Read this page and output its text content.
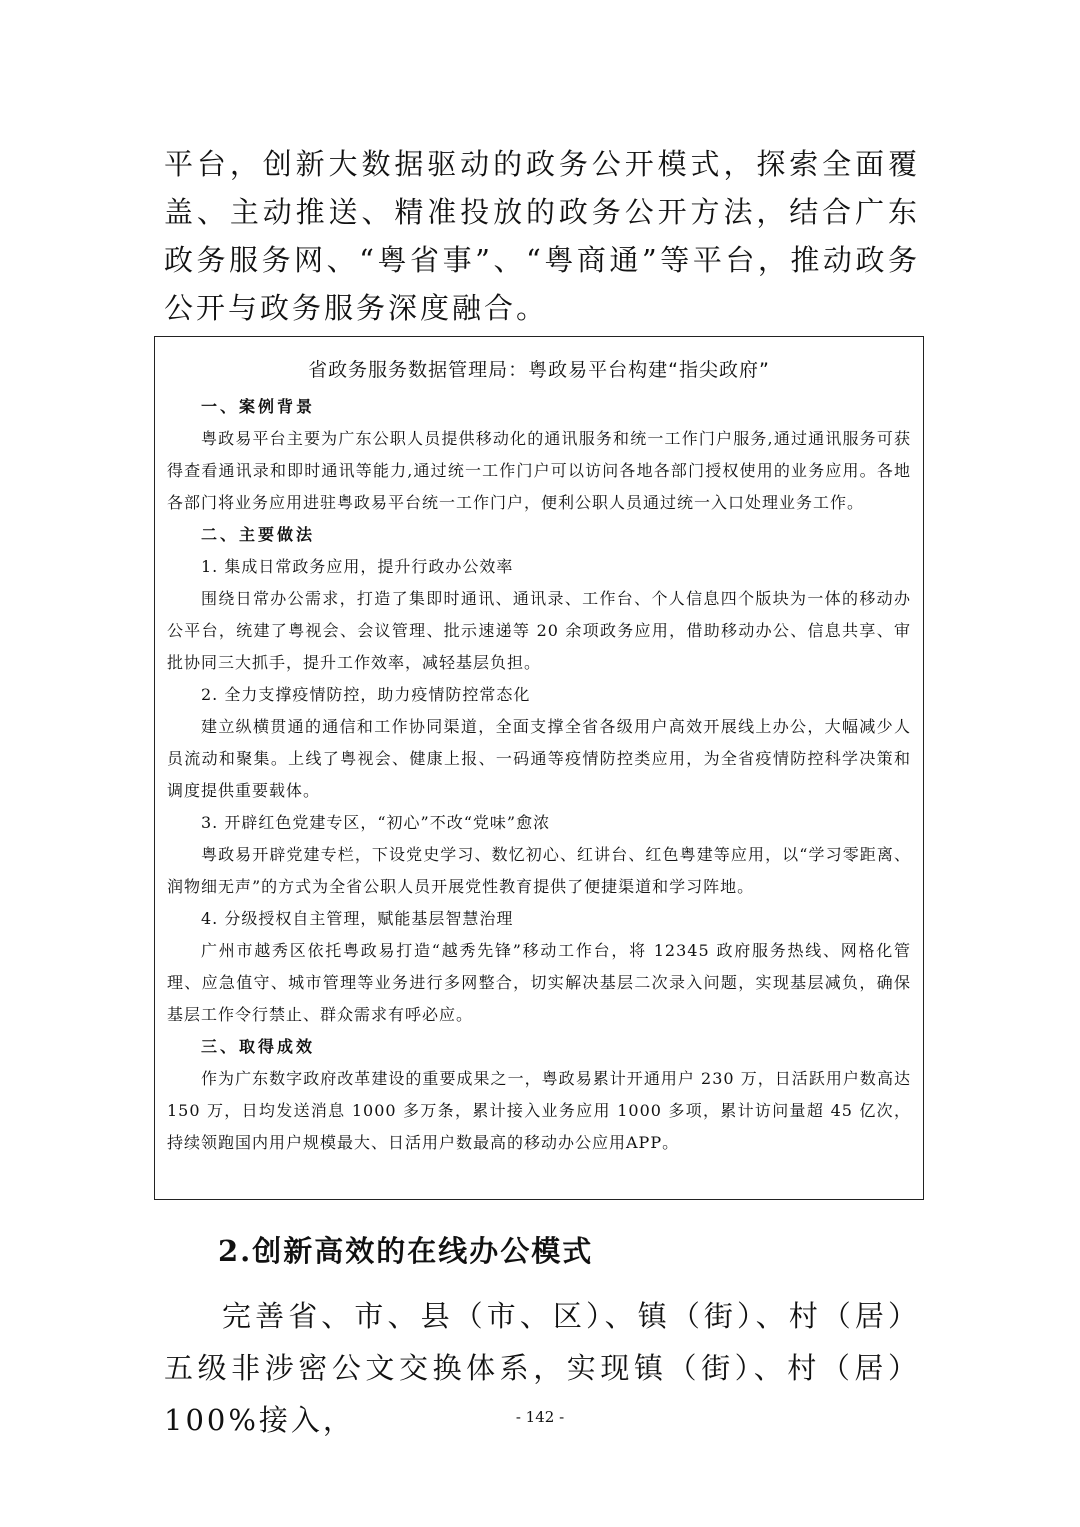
平台，创新大数据驱动的政务公开模式，探索全面覆盖、主动推送、精准投放的政务公开方法，结合广东政务服务网、“粤省事”、“粤商通”等平台，推动政务公开与政务服务深度融合。

省政务服务数据管理局：粤政易平台构建“指尖政府”

一、案例背景

粤政易平台主要为广东公职人员提供移动化的通讯服务和统一工作门户服务,通过通讯服务可获得查看通讯录和即时通讯等能力,通过统一工作门户可以访问各地各部门授权使用的业务应用。各地各部门将业务应用进驻粤政易平台统一工作门户，便利公职人员通过统一入口处理业务工作。

二、主要做法

1. 集成日常政务应用，提升行政办公效率

围绕日常办公需求，打造了集即时通讯、通讯录、工作台、个人信息四个版块为一体的移动办公平台，统建了粤视会、会议管理、批示速递等 20 余项政务应用，借助移动办公、信息共享、审批协同三大抓手，提升工作效率，减轻基层负担。

2. 全力支撑疫情防控，助力疫情防控常态化

建立纵横贯通的通信和工作协同渠道，全面支撑全省各级用户高效开展线上办公，大幅减少人员流动和聚集。上线了粤视会、健康上报、一码通等疫情防控类应用，为全省疫情防控科学决策和调度提供重要载体。

3. 开辟红色党建专区，“初心”不改“党味”愈浓

粤政易开辟党建专栏，下设党史学习、数忆初心、红讲台、红色粤建等应用，以“学习零距离、润物细无声”的方式为全省公职人员开展党性教育提供了便捷渠道和学习阵地。

4. 分级授权自主管理，赋能基层智慧治理

广州市越秀区依托粤政易打造“越秀先锋”移动工作台，将 12345 政府服务热线、网格化管理、应急值守、城市管理等业务进行多网整合，切实解决基层二次录入问题，实现基层减负，确保基层工作令行禁止、群众需求有呼必应。

三、取得成效

作为广东数字政府改革建设的重要成果之一，粤政易累计开通用户 230 万，日活跃用户数高达 150 万，日均发送消息 1000 多万条，累计接入业务应用 1000 多项，累计访问量超 45 亿次，持续领跑国内用户规模最大、日活用户数最高的移动办公应用APP。

2.创新高效的在线办公模式

完善省、市、县（市、区）、镇（街）、村（居）五级非涉密公文交换体系，实现镇（街）、村（居）100%接入，	- 142 -
